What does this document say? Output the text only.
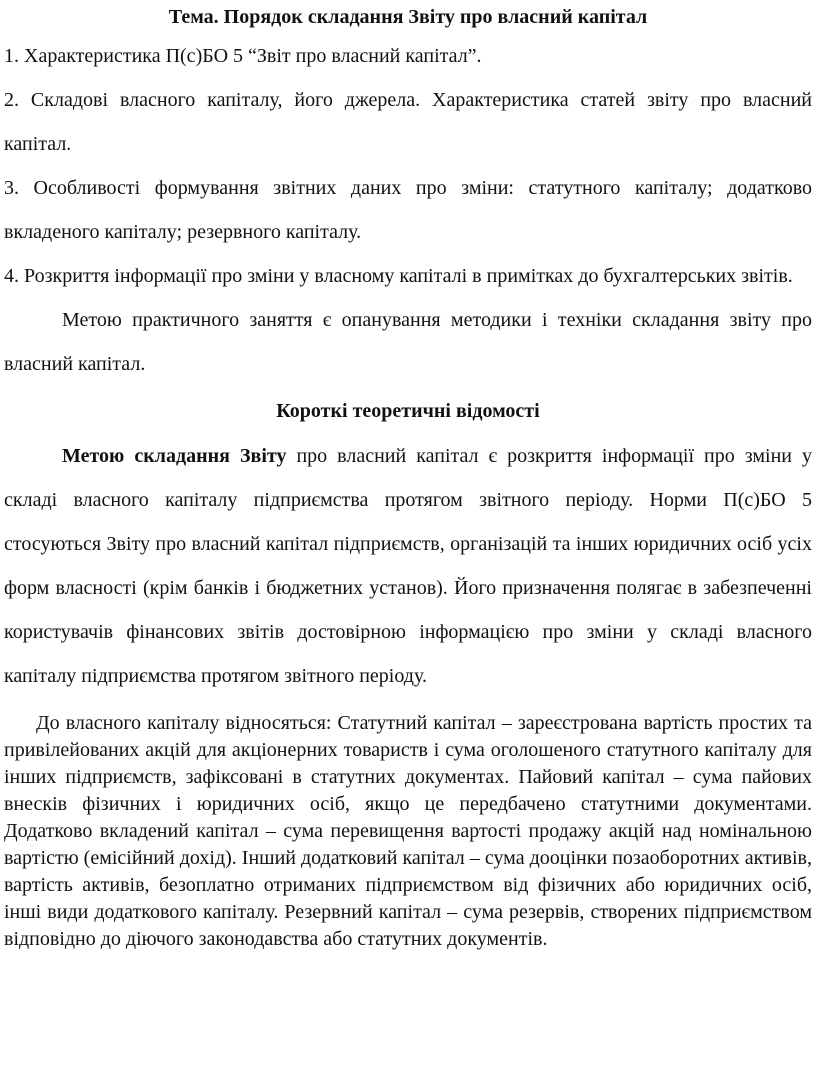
Тема. Порядок складання Звіту про власний капітал

1. Характеристика П(с)БО 5 “Звіт про власний капітал”.

2. Складові власного капіталу, його джерела. Характеристика статей звіту про власний капітал.

3. Особливості формування звітних даних про зміни: статутного капіталу; додатково вкладеного капіталу; резервного капіталу.

4. Розкриття інформації про зміни у власному капіталі в примітках до бухгалтерських звітів.

Метою практичного заняття є опанування методики і техніки складання звіту про власний капітал.

Короткі теоретичні відомості

Метою складання Звіту про власний капітал є розкриття інформації про зміни у складі власного капіталу підприємства протягом звітного періоду. Норми П(с)БО 5 стосуються Звіту про власний капітал підприємств, організацій та інших юридичних осіб усіх форм власності (крім банків і бюджетних установ). Його призначення полягає в забезпеченні користувачів фінансових звітів достовірною інформацією про зміни у складі власного капіталу підприємства протягом звітного періоду.

До власного капіталу відносяться: Статутний капітал – зареєстрована вартість простих та привілейованих акцій для акціонерних товариств і сума оголошеного статутного капіталу для інших підприємств, зафіксовані в статутних документах. Пайовий капітал – сума пайових внесків фізичних і юридичних осіб, якщо це передбачено статутними документами. Додатково вкладений капітал – сума перевищення вартості продажу акцій над номінальною вартістю (емісійний дохід). Інший додатковий капітал – сума дооцінки позаоборотних активів, вартість активів, безоплатно отриманих підприємством від фізичних або юридичних осіб, інші види додаткового капіталу. Резервний капітал – сума резервів, створених підприємством відповідно до діючого законодавства або статутних документів.
